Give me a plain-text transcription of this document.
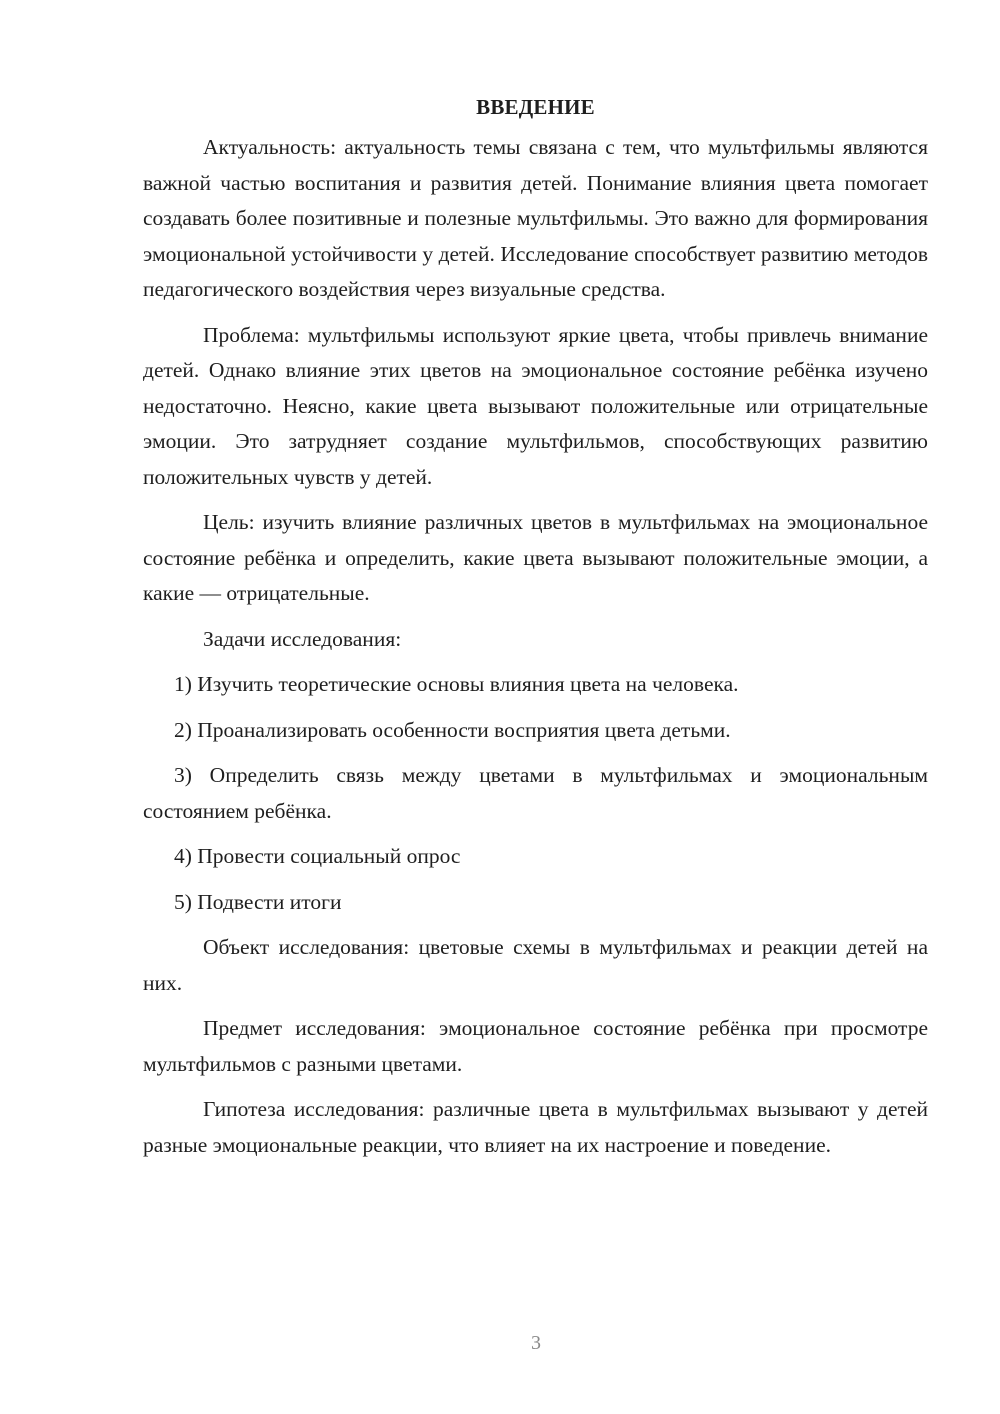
ВВЕДЕНИЕ

Актуальность: актуальность темы связана с тем, что мультфильмы являются важной частью воспитания и развития детей. Понимание влияния цвета помогает создавать более позитивные и полезные мультфильмы. Это важно для формирования эмоциональной устойчивости у детей. Исследование способствует развитию методов педагогического воздействия через визуальные средства.

Проблема: мультфильмы используют яркие цвета, чтобы привлечь внимание детей. Однако влияние этих цветов на эмоциональное состояние ребёнка изучено недостаточно. Неясно, какие цвета вызывают положительные или отрицательные эмоции. Это затрудняет создание мультфильмов, способствующих развитию положительных чувств у детей.

Цель: изучить влияние различных цветов в мультфильмах на эмоциональное состояние ребёнка и определить, какие цвета вызывают положительные эмоции, а какие — отрицательные.

Задачи исследования:

1) Изучить теоретические основы влияния цвета на человека.

2) Проанализировать особенности восприятия цвета детьми.

3) Определить связь между цветами в мультфильмах и эмоциональным состоянием ребёнка.

4) Провести социальный опрос

5) Подвести итоги

Объект исследования: цветовые схемы в мультфильмах и реакции детей на них.

Предмет исследования: эмоциональное состояние ребёнка при просмотре мультфильмов с разными цветами.

Гипотеза исследования: различные цвета в мультфильмах вызывают у детей разные эмоциональные реакции, что влияет на их настроение и поведение.

3
